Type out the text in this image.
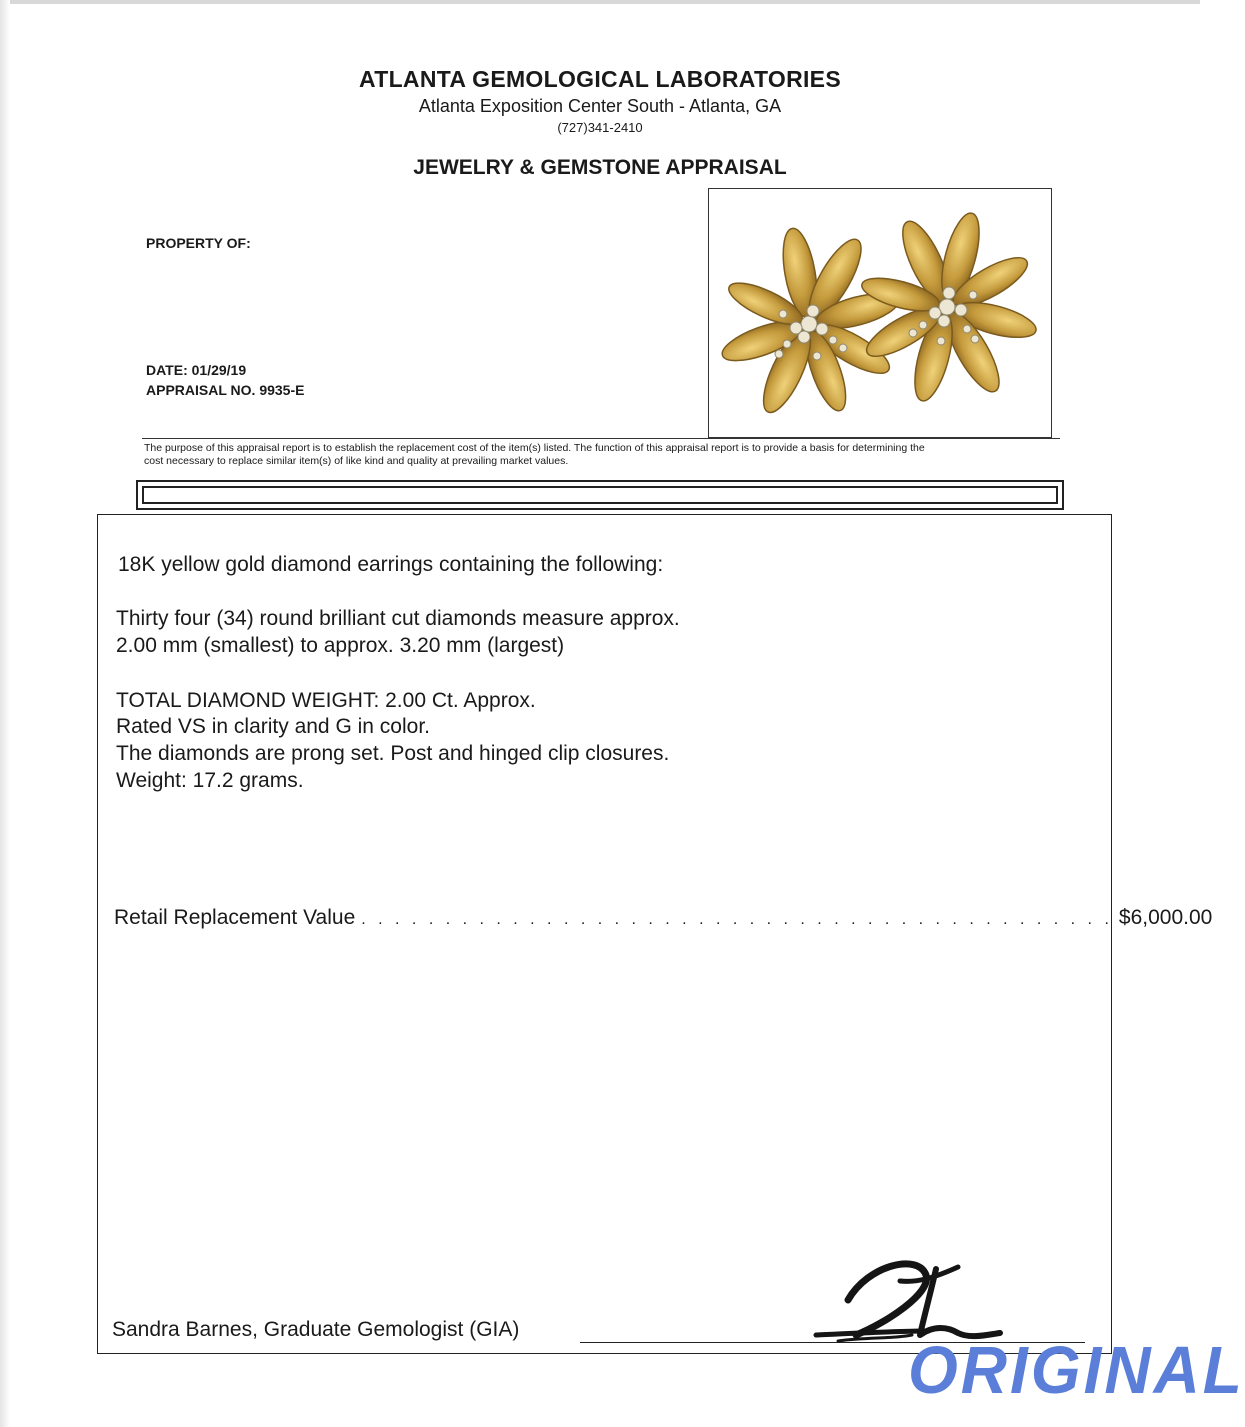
ATLANTA GEMOLOGICAL LABORATORIES
Atlanta Exposition Center South - Atlanta, GA
(727)341-2410
JEWELRY & GEMSTONE APPRAISAL
PROPERTY OF:
DATE: 01/29/19
APPRAISAL NO. 9935-E
The purpose of this appraisal report is to establish the replacement cost of the item(s) listed. The function of this appraisal report is to provide a basis for determining the
cost necessary to replace similar item(s) of like kind and quality at prevailing market values.
18K yellow gold diamond earrings containing the following:
Thirty four (34) round brilliant cut diamonds measure approx.
2.00 mm (smallest) to approx. 3.20 mm (largest)
TOTAL DIAMOND WEIGHT: 2.00 Ct. Approx.
Rated VS in clarity and G in color.
The diamonds are prong set. Post and hinged clip closures.
Weight: 17.2 grams.
Retail Replacement Value . . . . . . . . . . . . . . . . . . . . . . . . . . . . . . . . . . . . . . . . . . . . . $6,000.00
Sandra Barnes, Graduate Gemologist (GIA)
ORIGINAL
